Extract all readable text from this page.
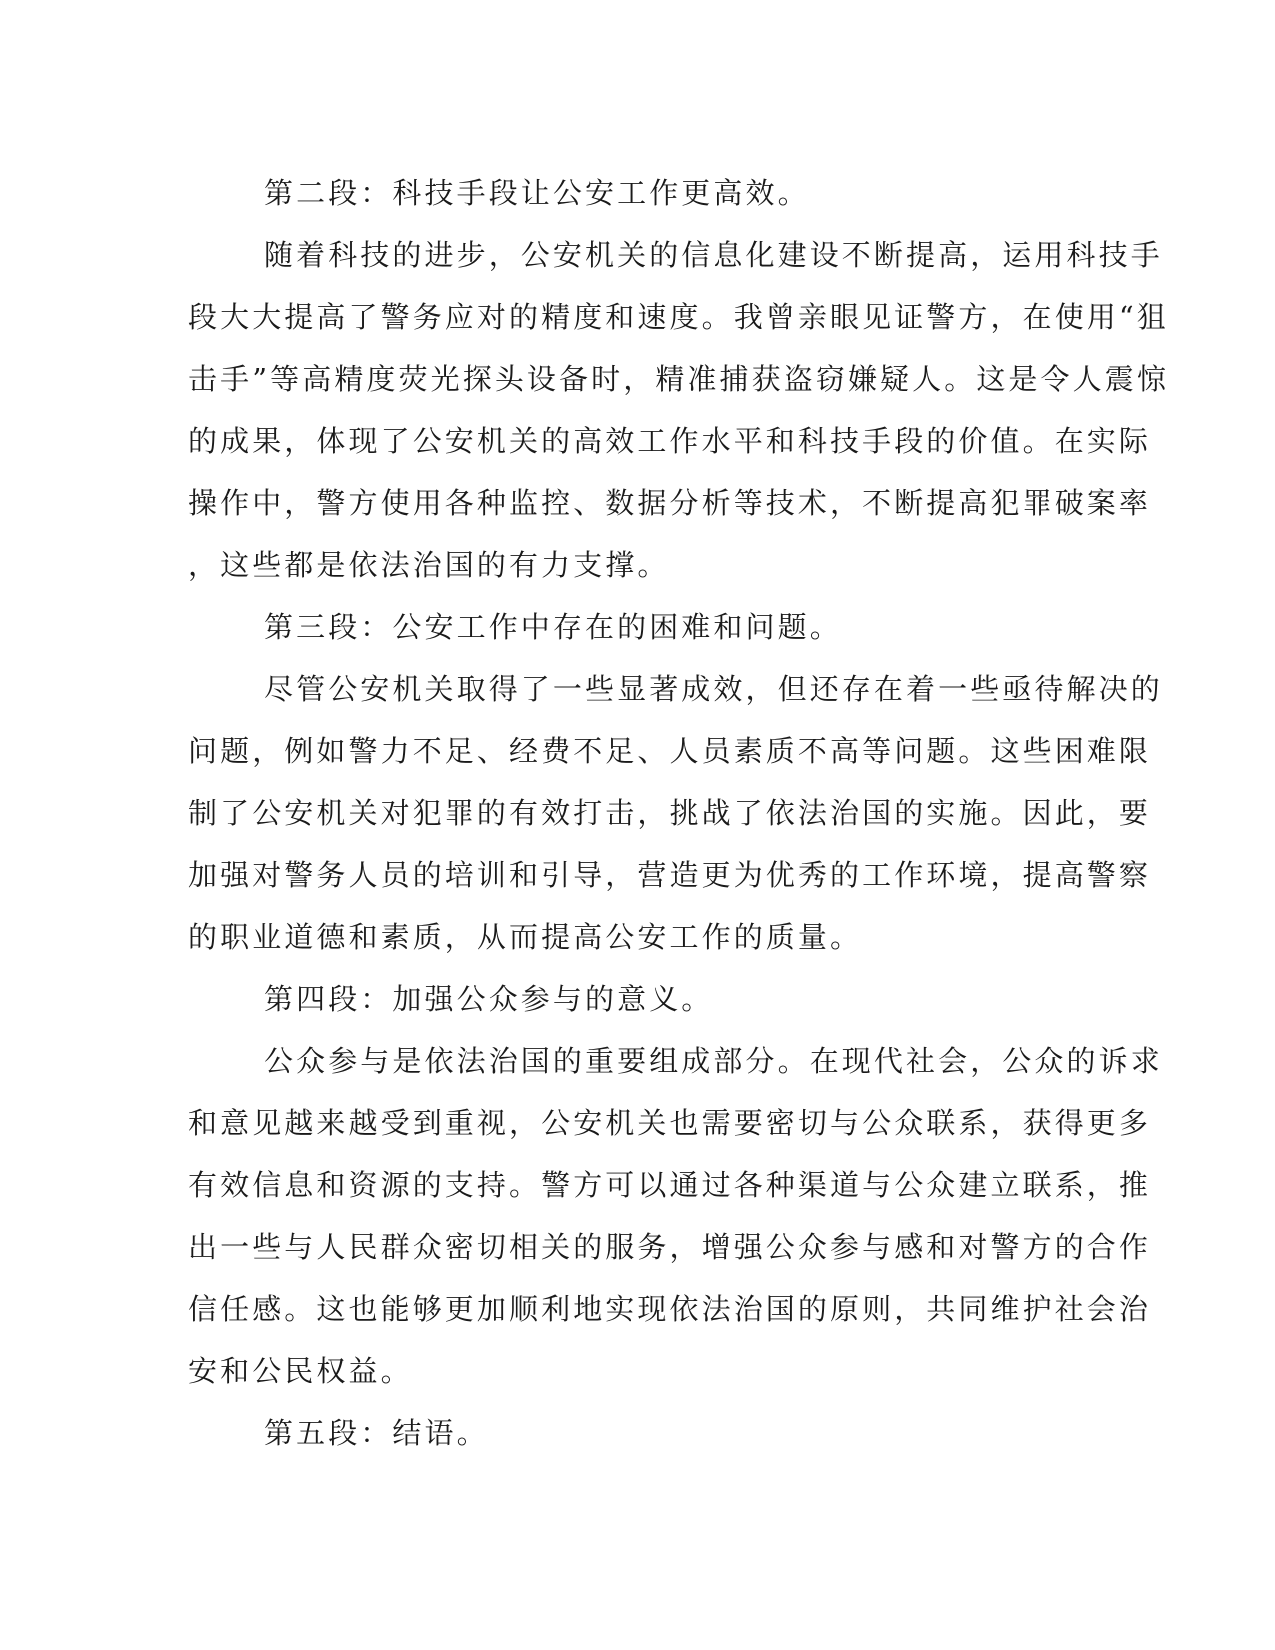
第二段：科技手段让公安工作更高效。

随着科技的进步，公安机关的信息化建设不断提高，运用科技手

段大大提高了警务应对的精度和速度。我曾亲眼见证警方，在使用“狙

击手”等高精度荧光探头设备时，精准捕获盗窃嫌疑人。这是令人震惊

的成果，体现了公安机关的高效工作水平和科技手段的价值。在实际

操作中，警方使用各种监控、数据分析等技术，不断提高犯罪破案率

，这些都是依法治国的有力支撑。

第三段：公安工作中存在的困难和问题。

尽管公安机关取得了一些显著成效，但还存在着一些亟待解决的

问题，例如警力不足、经费不足、人员素质不高等问题。这些困难限

制了公安机关对犯罪的有效打击，挑战了依法治国的实施。因此，要

加强对警务人员的培训和引导，营造更为优秀的工作环境，提高警察

的职业道德和素质，从而提高公安工作的质量。

第四段：加强公众参与的意义。

公众参与是依法治国的重要组成部分。在现代社会，公众的诉求

和意见越来越受到重视，公安机关也需要密切与公众联系，获得更多

有效信息和资源的支持。警方可以通过各种渠道与公众建立联系，推

出一些与人民群众密切相关的服务，增强公众参与感和对警方的合作

信任感。这也能够更加顺利地实现依法治国的原则，共同维护社会治

安和公民权益。

第五段：结语。
